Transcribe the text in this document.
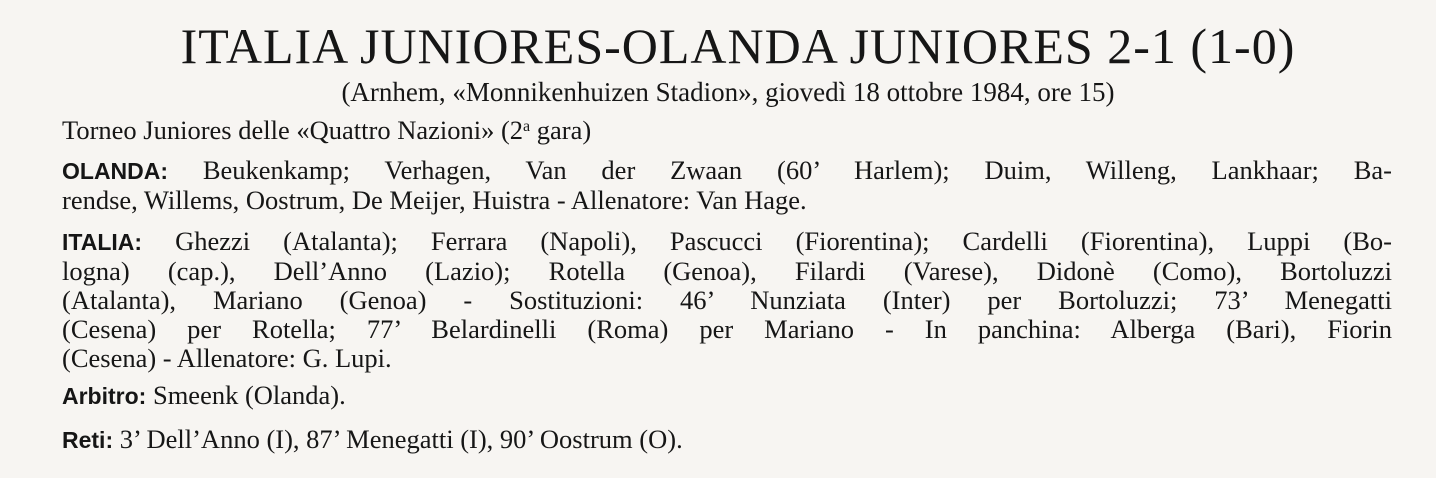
ITALIA JUNIORES-OLANDA JUNIORES 2-1 (1-0)
(Arnhem, «Monnikenhuizen Stadion», giovedì 18 ottobre 1984, ore 15)

Torneo Juniores delle «Quattro Nazioni» (2$^a$ gara)

OLANDA: Beukenkamp; Verhagen, Van der Zwaan (60’ Harlem); Duim, Willeng, Lankhaar; Ba-

rendse, Willems, Oostrum, De Meijer, Huistra - Allenatore: Van Hage.

ITALIA: Ghezzi (Atalanta); Ferrara (Napoli), Pascucci (Fiorentina); Cardelli (Fiorentina), Luppi (Bo-

logna) (cap.), Dell’Anno (Lazio); Rotella (Genoa), Filardi (Varese), Didonè (Como), Bortoluzzi

(Atalanta), Mariano (Genoa) - Sostituzioni: 46’ Nunziata (Inter) per Bortoluzzi; 73’ Menegatti

(Cesena) per Rotella; 77’ Belardinelli (Roma) per Mariano - In panchina: Alberga (Bari), Fiorin

(Cesena) - Allenatore: G. Lupi.

Arbitro: Smeenk (Olanda).

Reti: 3’ Dell’Anno (I), 87’ Menegatti (I), 90’ Oostrum (O).
